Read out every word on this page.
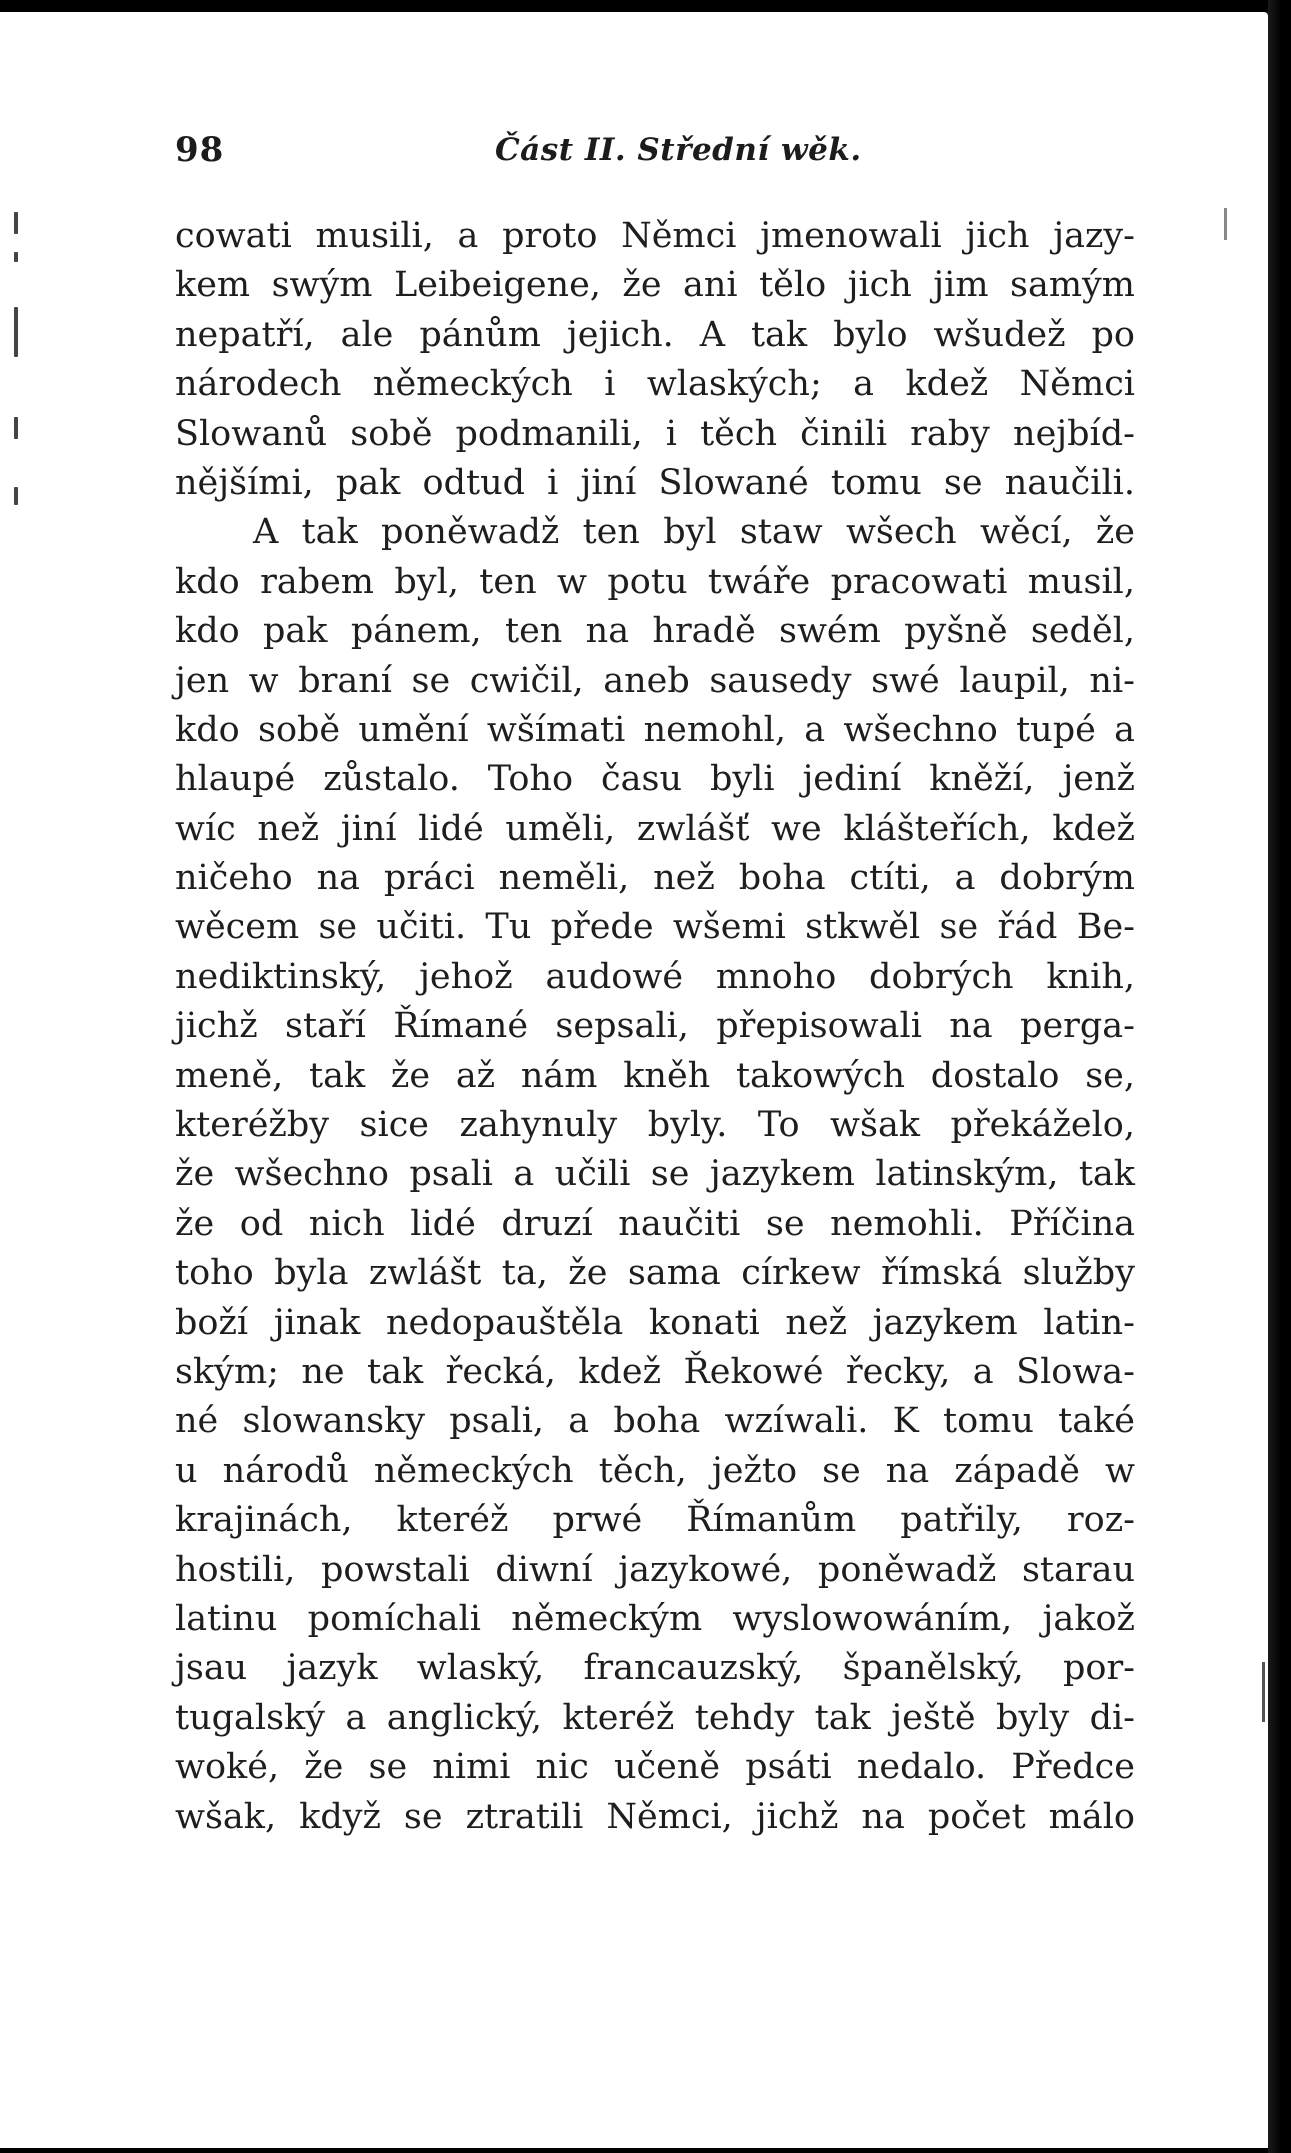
98	Část II. Střední wěk.
cowati musili, a proto Němci jmenowali jich jazy-
kem swým Leibeigene, že ani tělo jich jim samým
nepatří, ale pánům jejich. A tak bylo wšudež po
národech německých i wlaských; a kdež Němci
Slowanů sobě podmanili, i těch činili raby nejbíd-
nějšími, pak odtud i jiní Slowané tomu se naučili.
A tak poněwadž ten byl staw wšech wěcí, že
kdo rabem byl, ten w potu twáře pracowati musil,
kdo pak pánem, ten na hradě swém pyšně seděl,
jen w braní se cwičil, aneb sausedy swé laupil, ni-
kdo sobě umění wšímati nemohl, a wšechno tupé a
hlaupé zůstalo. Toho času byli jediní kněží, jenž
wíc než jiní lidé uměli, zwlášť we klášteřích, kdež
ničeho na práci neměli, než boha ctíti, a dobrým
wěcem se učiti. Tu přede wšemi stkwěl se řád Be-
nediktinský, jehož audowé mnoho dobrých knih,
jichž staří Římané sepsali, přepisowali na perga-
meně, tak že až nám kněh takowých dostalo se,
kteréžby sice zahynuly byly. To wšak překáželo,
že wšechno psali a učili se jazykem latinským, tak
že od nich lidé druzí naučiti se nemohli. Příčina
toho byla zwlášt ta, že sama církew římská služby
boží jinak nedopauštěla konati než jazykem latin-
ským; ne tak řecká, kdež Řekowé řecky, a Slowa-
né slowansky psali, a boha wzíwali. K tomu také
u národů německých těch, ježto se na západě w
krajinách, kteréž prwé Římanům patřily, roz-
hostili, powstali diwní jazykowé, poněwadž starau
latinu pomíchali německým wyslowowáním, jakož
jsau jazyk wlaský, francauzský, španělský, por-
tugalský a anglický, kteréž tehdy tak ještě byly di-
woké, že se nimi nic učeně psáti nedalo. Předce
wšak, když se ztratili Němci, jichž na počet málo
